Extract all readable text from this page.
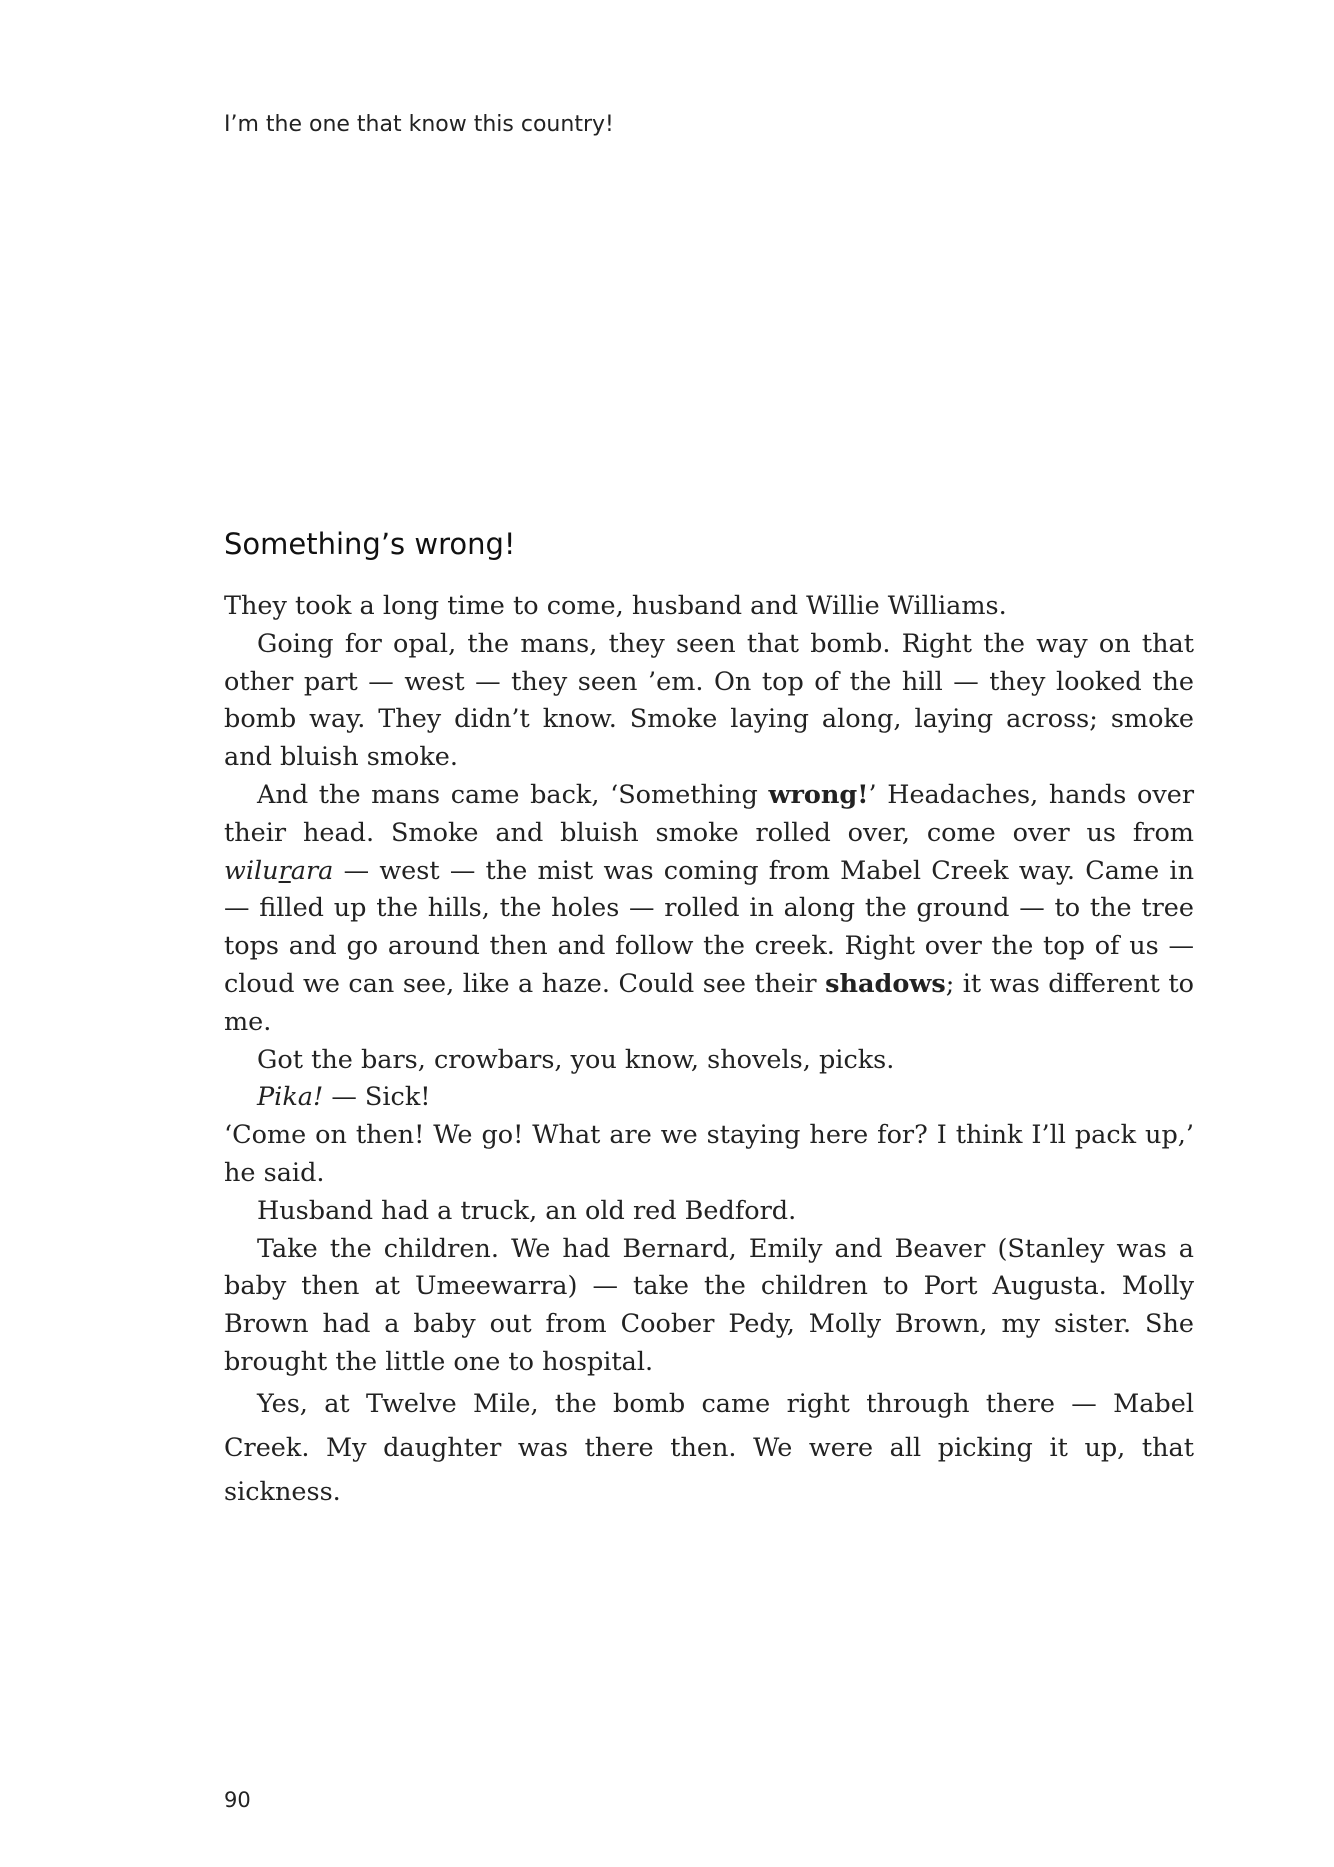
I’m the one that know this country!

Something’s wrong!

They took a long time to come, husband and Willie Williams.

Going for opal, the mans, they seen that bomb. Right the way on that other part — west — they seen ’em. On top of the hill — they looked the bomb way. They didn’t know. Smoke laying along, laying across; smoke and bluish smoke.

And the mans came back, ‘Something wrong!’ Headaches, hands over their head. Smoke and bluish smoke rolled over, come over us from wilurara — west — the mist was coming from Mabel Creek way. Came in — filled up the hills, the holes — rolled in along the ground — to the tree tops and go around then and follow the creek. Right over the top of us — cloud we can see, like a haze. Could see their shadows; it was different to me.

Got the bars, crowbars, you know, shovels, picks.

Pika! — Sick!

‘Come on then! We go! What are we staying here for? I think I’ll pack up,’ he said.

Husband had a truck, an old red Bedford.

Take the children. We had Bernard, Emily and Beaver (Stanley was a baby then at Umeewarra) — take the children to Port Augusta. Molly Brown had a baby out from Coober Pedy, Molly Brown, my sister. She brought the little one to hospital.

Yes, at Twelve Mile, the bomb came right through there — Mabel Creek. My daughter was there then. We were all picking it up, that sickness.

90
